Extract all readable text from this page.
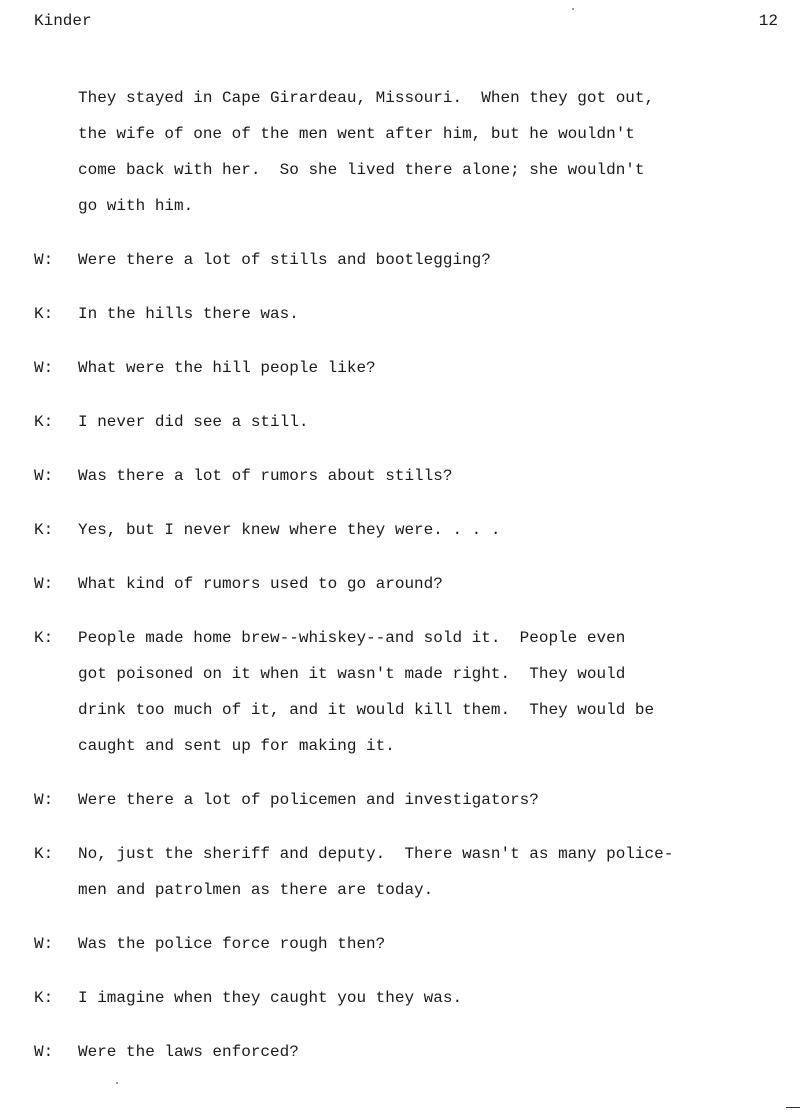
Kinder	12
They stayed in Cape Girardeau, Missouri.  When they got out,
the wife of one of the men went after him, but he wouldn't
come back with her.  So she lived there alone; she wouldn't
go with him.
W:	Were there a lot of stills and bootlegging?
K:	In the hills there was.
W:	What were the hill people like?
K:	I never did see a still.
W:	Was there a lot of rumors about stills?
K:	Yes, but I never knew where they were. . . .
W:	What kind of rumors used to go around?
K:	People made home brew--whiskey--and sold it.  People even
got poisoned on it when it wasn't made right.  They would
drink too much of it, and it would kill them.  They would be
caught and sent up for making it.
W:	Were there a lot of policemen and investigators?
K:	No, just the sheriff and deputy.  There wasn't as many police-
men and patrolmen as there are today.
W:	Was the police force rough then?
K:	I imagine when they caught you they was.
W:	Were the laws enforced?
